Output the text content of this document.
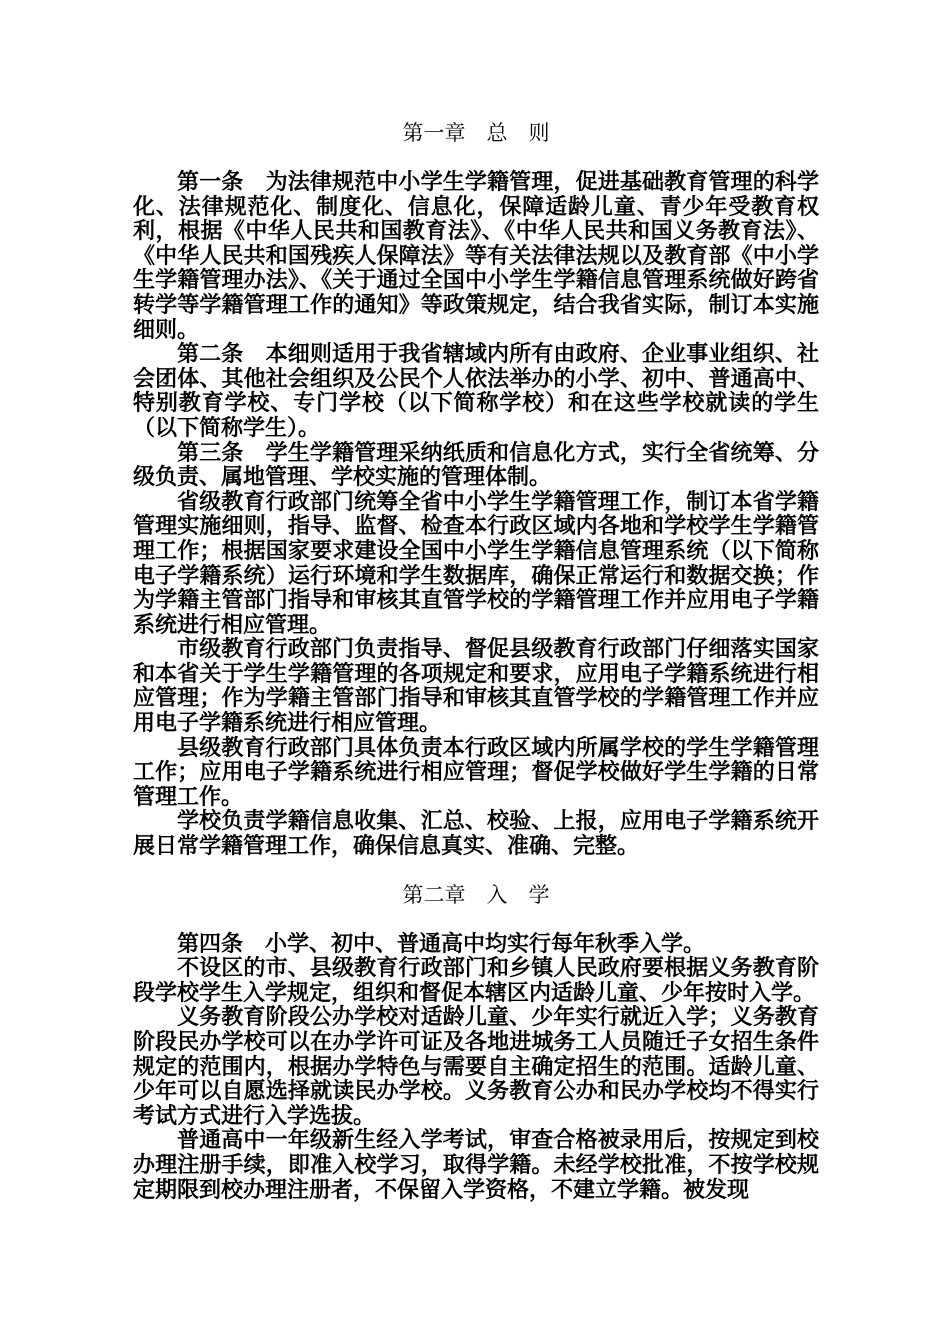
第一章　总　则

第一条　为法律规范中小学生学籍管理，促进基础教育管理的科学化、法律规范化、制度化、信息化，保障适龄儿童、青少年受教育权利，根据《中华人民共和国教育法》、《中华人民共和国义务教育法》、《中华人民共和国残疾人保障法》等有关法律法规以及教育部《中小学生学籍管理办法》、《关于通过全国中小学生学籍信息管理系统做好跨省转学等学籍管理工作的通知》等政策规定，结合我省实际，制订本实施细则。

第二条　本细则适用于我省辖域内所有由政府、企业事业组织、社会团体、其他社会组织及公民个人依法举办的小学、初中、普通高中、特别教育学校、专门学校（以下简称学校）和在这些学校就读的学生（以下简称学生）。

第三条　学生学籍管理采纳纸质和信息化方式，实行全省统筹、分级负责、属地管理、学校实施的管理体制。

省级教育行政部门统筹全省中小学生学籍管理工作，制订本省学籍管理实施细则，指导、监督、检查本行政区域内各地和学校学生学籍管理工作；根据国家要求建设全国中小学生学籍信息管理系统（以下简称电子学籍系统）运行环境和学生数据库，确保正常运行和数据交换；作为学籍主管部门指导和审核其直管学校的学籍管理工作并应用电子学籍系统进行相应管理。

市级教育行政部门负责指导、督促县级教育行政部门仔细落实国家和本省关于学生学籍管理的各项规定和要求，应用电子学籍系统进行相应管理；作为学籍主管部门指导和审核其直管学校的学籍管理工作并应用电子学籍系统进行相应管理。

县级教育行政部门具体负责本行政区域内所属学校的学生学籍管理工作；应用电子学籍系统进行相应管理；督促学校做好学生学籍的日常管理工作。

学校负责学籍信息收集、汇总、校验、上报，应用电子学籍系统开展日常学籍管理工作，确保信息真实、准确、完整。

第二章　入　学

第四条　小学、初中、普通高中均实行每年秋季入学。

不设区的市、县级教育行政部门和乡镇人民政府要根据义务教育阶段学校学生入学规定，组织和督促本辖区内适龄儿童、少年按时入学。

义务教育阶段公办学校对适龄儿童、少年实行就近入学；义务教育阶段民办学校可以在办学许可证及各地进城务工人员随迁子女招生条件规定的范围内，根据办学特色与需要自主确定招生的范围。适龄儿童、少年可以自愿选择就读民办学校。义务教育公办和民办学校均不得实行考试方式进行入学选拔。

普通高中一年级新生经入学考试，审查合格被录用后，按规定到校办理注册手续，即准入校学习，取得学籍。未经学校批准，不按学校规定期限到校办理注册者，不保留入学资格，不建立学籍。被发现
